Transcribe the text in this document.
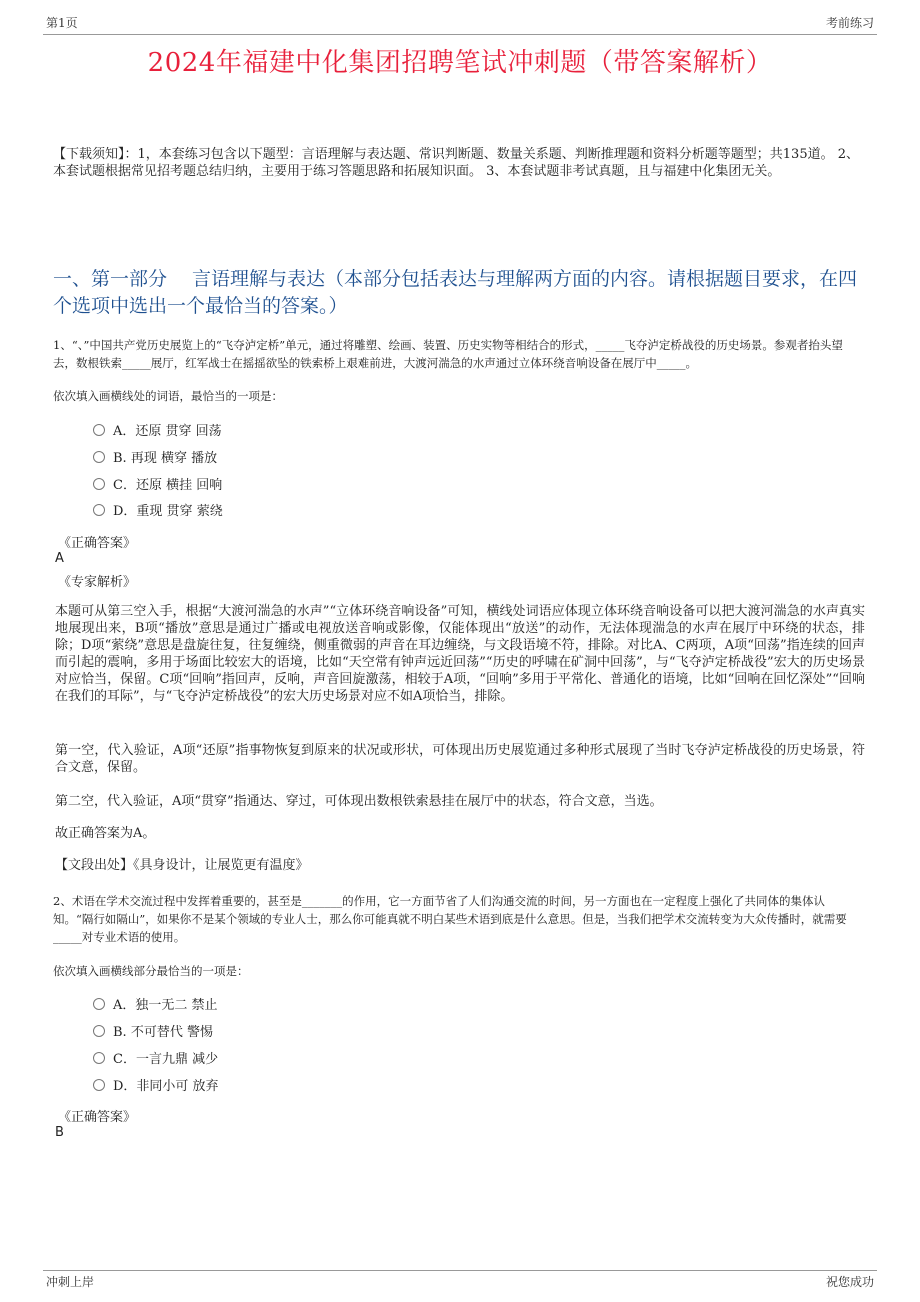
第1页	考前练习
2024年福建中化集团招聘笔试冲刺题（带答案解析）
【下载须知】：1，本套练习包含以下题型：言语理解与表达题、常识判断题、数量关系题、判断推理题和资料分析题等题型；共135道。 2、本套试题根据常见招考题总结归纳，主要用于练习答题思路和拓展知识面。 3、本套试题非考试真题，且与福建中化集团无关。
一、第一部分　 言语理解与表达（本部分包括表达与理解两方面的内容。请根据题目要求，在四个选项中选出一个最恰当的答案。）
1、“、”中国共产党历史展览上的“飞夺泸定桥”单元，通过将雕塑、绘画、装置、历史实物等相结合的形式，_____飞夺泸定桥战役的历史场景。参观者抬头望去，数根铁索_____展厅，红军战士在摇摇欲坠的铁索桥上艰难前进，大渡河湍急的水声通过立体环绕音响设备在展厅中_____。
依次填入画横线处的词语，最恰当的一项是：
A．还原 贯穿 回荡
B. 再现 横穿 播放
C．还原 横挂 回响
D．重现 贯穿 萦绕
《正确答案》
A
《专家解析》
本题可从第三空入手，根据“大渡河湍急的水声”“立体环绕音响设备”可知，横线处词语应体现立体环绕音响设备可以把大渡河湍急的水声真实地展现出来，B项“播放”意思是通过广播或电视放送音响或影像，仅能体现出“放送”的动作，无法体现湍急的水声在展厅中环绕的状态，排除；D项“萦绕”意思是盘旋往复，往复缠绕，侧重微弱的声音在耳边缠绕，与文段语境不符，排除。对比A、C两项，A项“回荡”指连续的回声而引起的震响，多用于场面比较宏大的语境，比如“天空常有钟声远近回荡”“历史的呼啸在矿洞中回荡”，与“飞夺泸定桥战役”宏大的历史场景对应恰当，保留。C项“回响”指回声，反响，声音回旋激荡，相较于A项，“回响”多用于平常化、普通化的语境，比如“回响在回忆深处”“回响在我们的耳际”，与“飞夺泸定桥战役”的宏大历史场景对应不如A项恰当，排除。
第一空，代入验证，A项“还原”指事物恢复到原来的状况或形状，可体现出历史展览通过多种形式展现了当时飞夺泸定桥战役的历史场景，符合文意，保留。
第二空，代入验证，A项“贯穿”指通达、穿过，可体现出数根铁索悬挂在展厅中的状态，符合文意，当选。
故正确答案为A。
【文段出处】《具身设计，让展览更有温度》
2、术语在学术交流过程中发挥着重要的，甚至是_______的作用，它一方面节省了人们沟通交流的时间，另一方面也在一定程度上强化了共同体的集体认知。“隔行如隔山”，如果你不是某个领域的专业人士，那么你可能真就不明白某些术语到底是什么意思。但是，当我们把学术交流转变为大众传播时，就需要_____对专业术语的使用。
依次填入画横线部分最恰当的一项是：
A．独一无二 禁止
B. 不可替代 警惕
C．一言九鼎 减少
D．非同小可 放弃
《正确答案》
B
冲刺上岸	祝您成功
